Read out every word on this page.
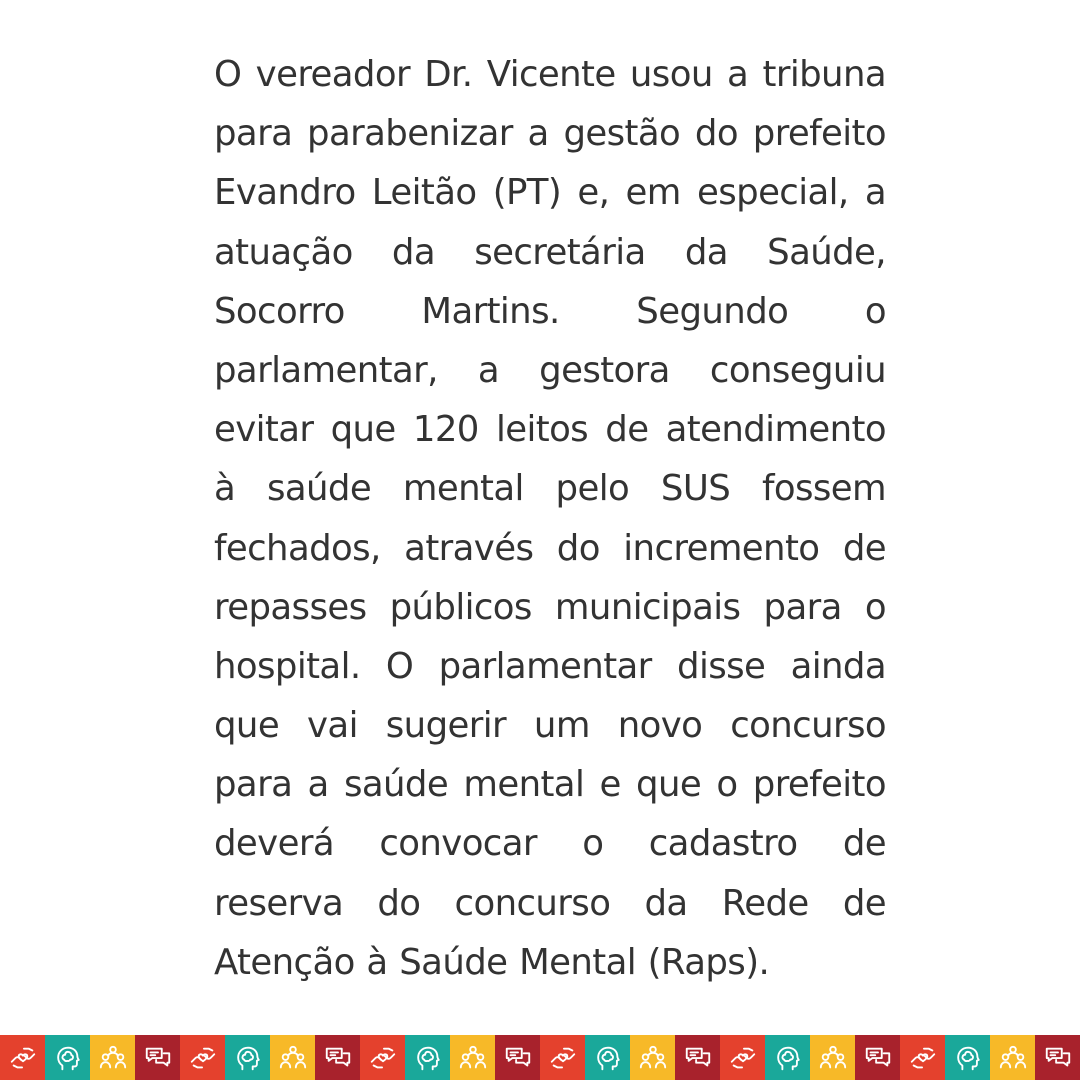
O vereador Dr. Vicente usou a tribuna
para parabenizar a gestão do prefeito
Evandro Leitão (PT) e, em especial, a
atuação da secretária da Saúde,
Socorro Martins. Segundo o
parlamentar, a gestora conseguiu
evitar que 120 leitos de atendimento
à saúde mental pelo SUS fossem
fechados, através do incremento de
repasses públicos municipais para o
hospital. O parlamentar disse ainda
que vai sugerir um novo concurso
para a saúde mental e que o prefeito
deverá convocar o cadastro de
reserva do concurso da Rede de
Atenção à Saúde Mental (Raps).
